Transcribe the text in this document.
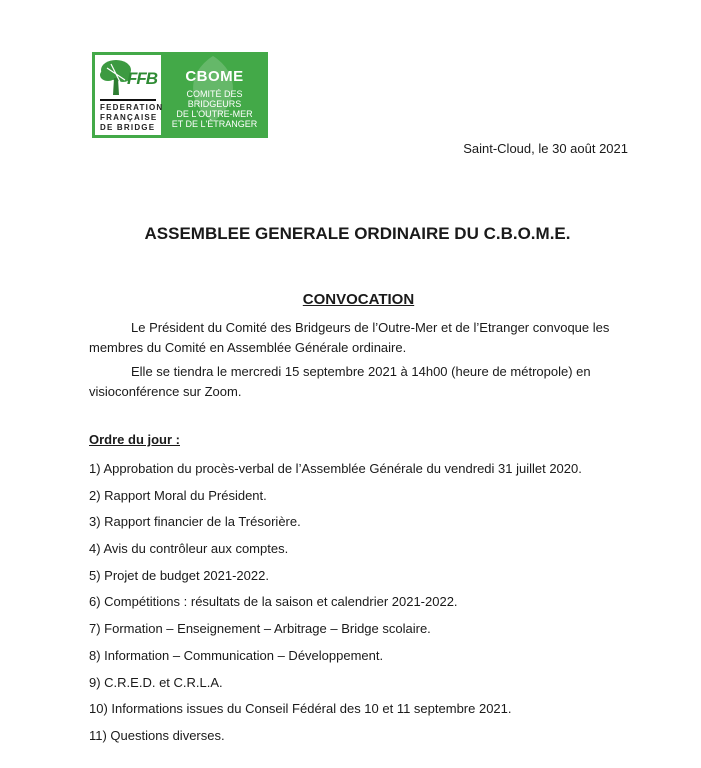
FFB
FEDERATION
FRANÇAISE
DE BRIDGE
CBOME
COMITÉ DES BRIDGEURS
DE L'OUTRE-MER
ET DE L'ÉTRANGER
Saint-Cloud, le 30 août 2021
ASSEMBLEE GENERALE ORDINAIRE DU C.B.O.M.E.
CONVOCATION
Le Président du Comité des Bridgeurs de l’Outre-Mer et de l’Etranger convoque les membres du Comité en Assemblée Générale ordinaire.
Elle se tiendra le mercredi 15 septembre 2021 à 14h00 (heure de métropole) en visioconférence sur Zoom.
Ordre du jour :
1) Approbation du procès-verbal de l’Assemblée Générale du vendredi 31 juillet 2020.
2) Rapport Moral du Président.
3) Rapport financier de la Trésorière.
4) Avis du contrôleur aux comptes.
5) Projet de budget 2021-2022.
6) Compétitions : résultats de la saison et calendrier 2021-2022.
7) Formation – Enseignement – Arbitrage – Bridge scolaire.
8) Information – Communication – Développement.
9) C.R.E.D. et C.R.L.A.
10) Informations issues du Conseil Fédéral des 10 et 11 septembre 2021.
11) Questions diverses.
